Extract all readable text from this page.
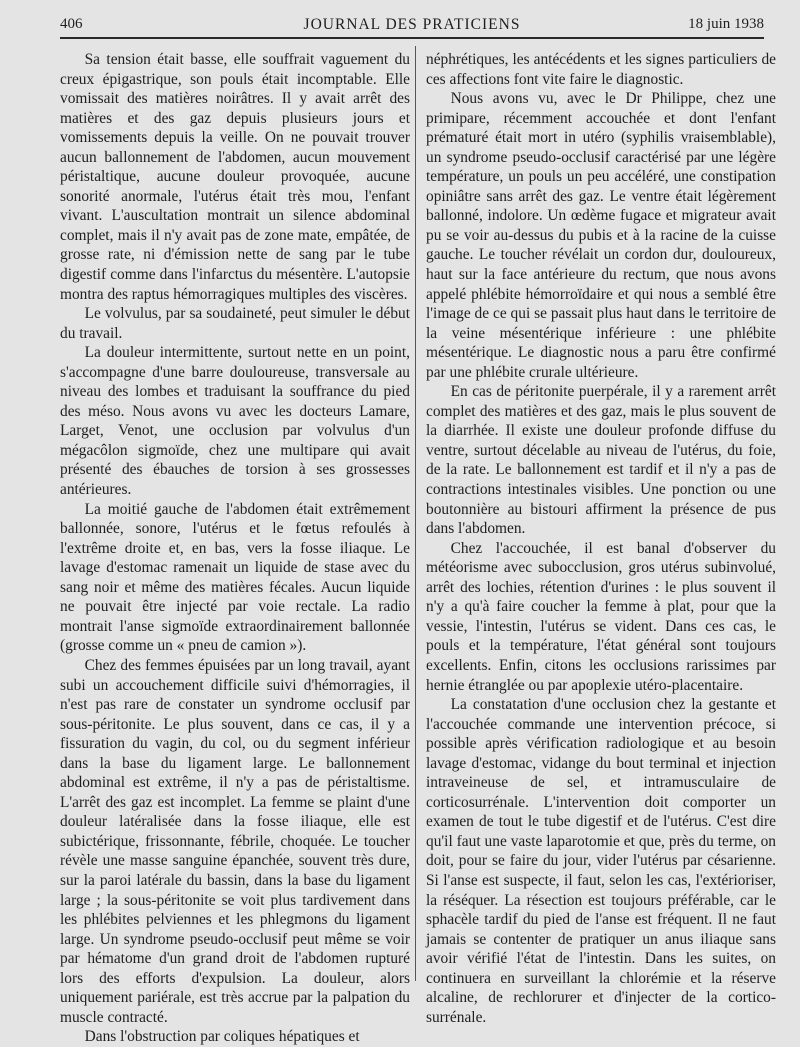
406	JOURNAL DES PRATICIENS	18 juin 1938

Sa tension était basse, elle souffrait vaguement du creux épigastrique, son pouls était incomptable. Elle vomissait des matières noirâtres. Il y avait arrêt des matières et des gaz depuis plusieurs jours et vomissements depuis la veille. On ne pouvait trouver aucun ballonnement de l'abdomen, aucun mouvement péristaltique, aucune douleur provoquée, aucune sonorité anormale, l'utérus était très mou, l'enfant vivant. L'auscultation montrait un silence abdominal complet, mais il n'y avait pas de zone mate, empâtée, de grosse rate, ni d'émission nette de sang par le tube digestif comme dans l'infarctus du mésentère. L'autopsie montra des raptus hémorragiques multiples des viscères.

Le volvulus, par sa soudaineté, peut simuler le début du travail.

La douleur intermittente, surtout nette en un point, s'accompagne d'une barre douloureuse, transversale au niveau des lombes et traduisant la souffrance du pied des méso. Nous avons vu avec les docteurs Lamare, Larget, Venot, une occlusion par volvulus d'un mégacôlon sigmoïde, chez une multipare qui avait présenté des ébauches de torsion à ses grossesses antérieures.

La moitié gauche de l'abdomen était extrêmement ballonnée, sonore, l'utérus et le fœtus refoulés à l'extrême droite et, en bas, vers la fosse iliaque. Le lavage d'estomac ramenait un liquide de stase avec du sang noir et même des matières fécales. Aucun liquide ne pouvait être injecté par voie rectale. La radio montrait l'anse sigmoïde extraordinairement ballonnée (grosse comme un « pneu de camion »).

Chez des femmes épuisées par un long travail, ayant subi un accouchement difficile suivi d'hémorragies, il n'est pas rare de constater un syndrome occlusif par sous-péritonite. Le plus souvent, dans ce cas, il y a fissuration du vagin, du col, ou du segment inférieur dans la base du ligament large. Le ballonnement abdominal est extrême, il n'y a pas de péristaltisme. L'arrêt des gaz est incomplet. La femme se plaint d'une douleur latéralisée dans la fosse iliaque, elle est subictérique, frissonnante, fébrile, choquée. Le toucher révèle une masse sanguine épanchée, souvent très dure, sur la paroi latérale du bassin, dans la base du ligament large ; la sous-péritonite se voit plus tardivement dans les phlébites pelviennes et les phlegmons du ligament large. Un syndrome pseudo-occlusif peut même se voir par hématome d'un grand droit de l'abdomen rupturé lors des efforts d'expulsion. La douleur, alors uniquement pariérale, est très accrue par la palpation du muscle contracté.

Dans l'obstruction par coliques hépatiques et

néphrétiques, les antécédents et les signes particuliers de ces affections font vite faire le diagnostic.

Nous avons vu, avec le Dr Philippe, chez une primipare, récemment accouchée et dont l'enfant prématuré était mort in utéro (syphilis vraisemblable), un syndrome pseudo-occlusif caractérisé par une légère température, un pouls un peu accéléré, une constipation opiniâtre sans arrêt des gaz. Le ventre était légèrement ballonné, indolore. Un œdème fugace et migrateur avait pu se voir au-dessus du pubis et à la racine de la cuisse gauche. Le toucher révélait un cordon dur, douloureux, haut sur la face antérieure du rectum, que nous avons appelé phlébite hémorroïdaire et qui nous a semblé être l'image de ce qui se passait plus haut dans le territoire de la veine mésentérique inférieure : une phlébite mésentérique. Le diagnostic nous a paru être confirmé par une phlébite crurale ultérieure.

En cas de péritonite puerpérale, il y a rarement arrêt complet des matières et des gaz, mais le plus souvent de la diarrhée. Il existe une douleur profonde diffuse du ventre, surtout décelable au niveau de l'utérus, du foie, de la rate. Le ballonnement est tardif et il n'y a pas de contractions intestinales visibles. Une ponction ou une boutonnière au bistouri affirment la présence de pus dans l'abdomen.

Chez l'accouchée, il est banal d'observer du météorisme avec subocclusion, gros utérus subinvolué, arrêt des lochies, rétention d'urines : le plus souvent il n'y a qu'à faire coucher la femme à plat, pour que la vessie, l'intestin, l'utérus se vident. Dans ces cas, le pouls et la température, l'état général sont toujours excellents. Enfin, citons les occlusions rarissimes par hernie étranglée ou par apoplexie utéro-placentaire.

La constatation d'une occlusion chez la gestante et l'accouchée commande une intervention précoce, si possible après vérification radiologique et au besoin lavage d'estomac, vidange du bout terminal et injection intraveineuse de sel, et intramusculaire de corticosurrénale. L'intervention doit comporter un examen de tout le tube digestif et de l'utérus. C'est dire qu'il faut une vaste laparotomie et que, près du terme, on doit, pour se faire du jour, vider l'utérus par césarienne. Si l'anse est suspecte, il faut, selon les cas, l'extérioriser, la réséquer. La résection est toujours préférable, car le sphacèle tardif du pied de l'anse est fréquent. Il ne faut jamais se contenter de pratiquer un anus iliaque sans avoir vérifié l'état de l'intestin. Dans les suites, on continuera en surveillant la chlorémie et la réserve alcaline, de rechlorurer et d'injecter de la cortico-surrénale.
